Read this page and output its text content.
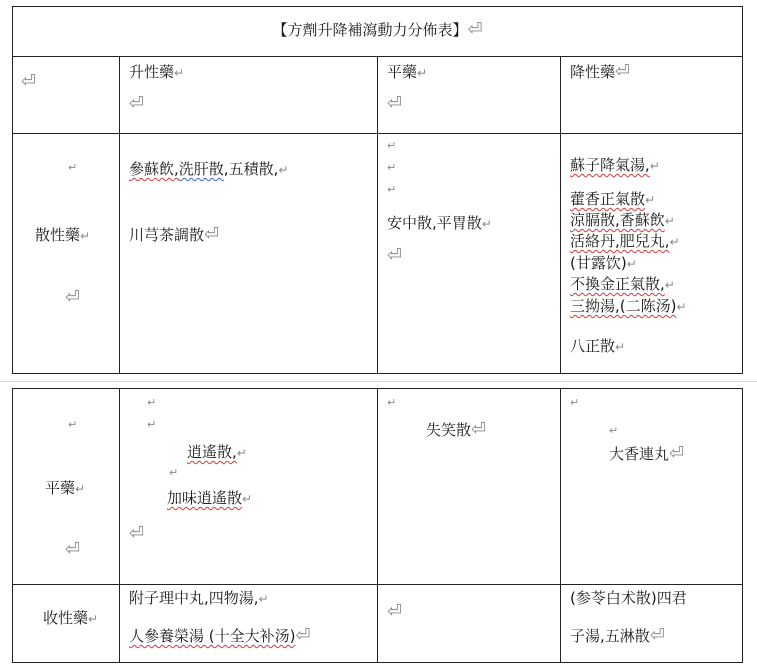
【方劑升降補瀉動力分佈表】⏎
⏎	升性藥↵
⏎
平藥↵
⏎
降性藥⏎
↵
散性藥↵
⏎
參蘇飲,洗肝散,五積散,↵
川芎茶調散⏎
↵
↵
↵
安中散,平胃散↵
⏎
蘇子降氣湯,↵
藿香正氣散↵
涼膈散,香蘇飲↵
活絡丹,肥兒丸,↵
(甘露饮)↵
不換金正氣散,↵
三拗湯,(二陈汤)↵
八正散↵
↵
平藥↵
⏎
↵
↵
逍遙散,↵
↵
加味逍遙散↵
⏎
↵
失笑散⏎
↵
↵
大香連丸⏎
收性藥↵
附子理中丸,四物湯,↵
人參養榮湯 (十全大补汤)⏎
⏎
(参苓白术散)四君
子湯,五淋散⏎
